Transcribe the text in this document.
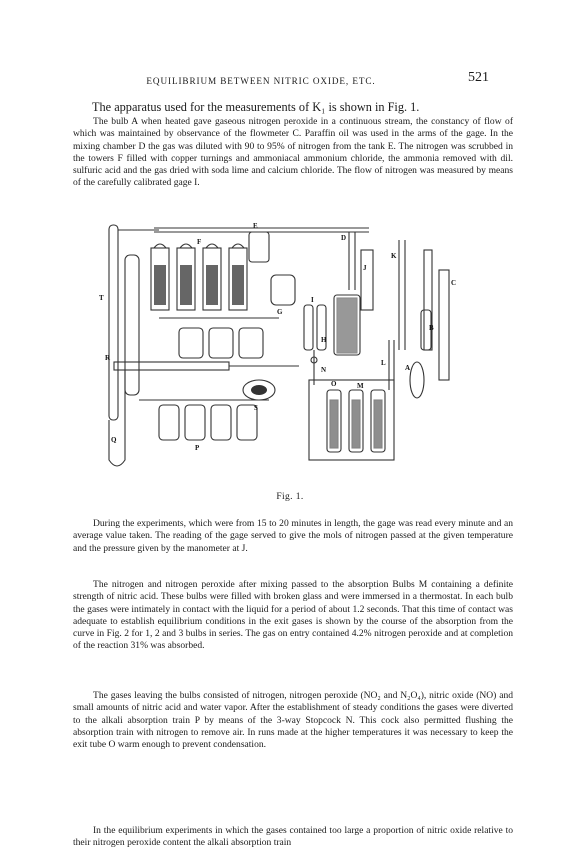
EQUILIBRIUM BETWEEN NITRIC OXIDE, ETC.	521
The apparatus used for the measurements of K₁ is shown in Fig. 1.

The bulb A when heated gave gaseous nitrogen peroxide in a continuous stream, the constancy of flow of which was maintained by observance of the flowmeter C. Paraffin oil was used in the arms of the gage. In the mixing chamber D the gas was diluted with 90 to 95% of nitrogen from the tank E. The nitrogen was scrubbed in the towers F filled with copper turnings and ammoniacal ammonium chloride, the ammonia removed with dil. sulfuric acid and the gas dried with soda lime and calcium chloride. The flow of nitrogen was measured by means of the carefully calibrated gage I.

T
E
F
G
D
J
K
C
B
A
H
I
L
N
O	M
R
S
Q
P
Fig. 1.

During the experiments, which were from 15 to 20 minutes in length, the gage was read every minute and an average value taken. The reading of the gage served to give the mols of nitrogen passed at the given temperature and the pressure given by the manometer at J.

The nitrogen and nitrogen peroxide after mixing passed to the absorption Bulbs M containing a definite strength of nitric acid. These bulbs were filled with broken glass and were immersed in a thermostat. In each bulb the gases were intimately in contact with the liquid for a period of about 1.2 seconds. That this time of contact was adequate to establish equilibrium conditions in the exit gases is shown by the course of the absorption from the curve in Fig. 2 for 1, 2 and 3 bulbs in series. The gas on entry contained 4.2% nitrogen peroxide and at completion of the reaction 31% was absorbed.

The gases leaving the bulbs consisted of nitrogen, nitrogen peroxide (NO₂ and N₂O₄), nitric oxide (NO) and small amounts of nitric acid and water vapor. After the establishment of steady conditions the gases were diverted to the alkali absorption train P by means of the 3-way Stopcock N. This cock also permitted flushing the absorption train with nitrogen to remove air. In runs made at the higher temperatures it was necessary to keep the exit tube O warm enough to prevent condensation.

In the equilibrium experiments in which the gases contained too large a proportion of nitric oxide relative to their nitrogen peroxide content the alkali absorption train
